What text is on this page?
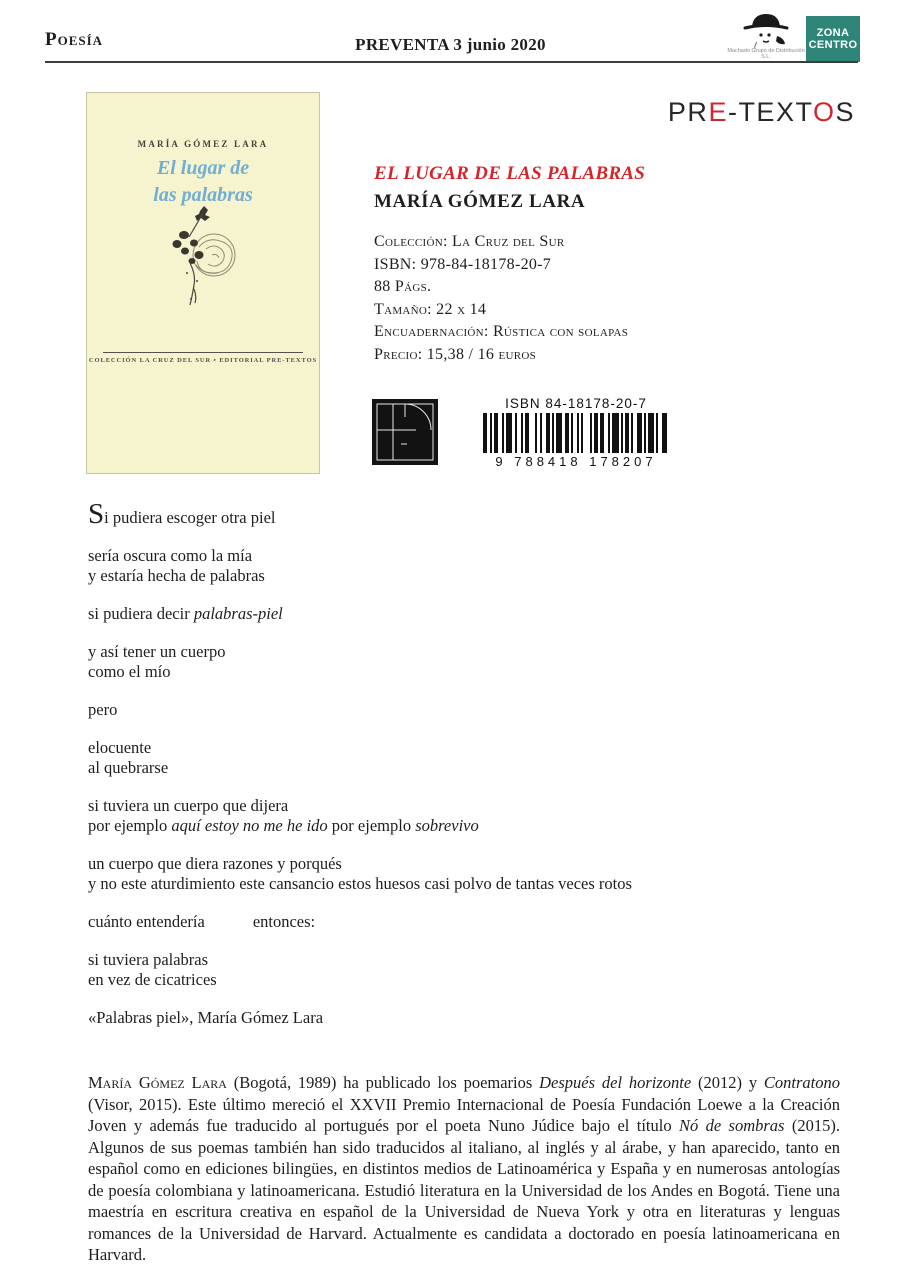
Poesía	PREVENTA 3 junio 2020	Machado Grupo de Distribución S.L.
ZONA
CENTRO
PRE-TEXTOS
MARÍA GÓMEZ LARA
El lugar de
las palabras
COLECCIÓN LA CRUZ DEL SUR • EDITORIAL PRE-TEXTOS
EL LUGAR DE LAS PALABRAS
MARÍA GÓMEZ LARA
Colección: La Cruz del Sur
ISBN: 978-84-18178-20-7
88 Págs.
Tamaño: 22 x 14
Encuadernación: Rústica con solapas
Precio: 15,38 / 16 euros
ISBN 84-18178-20-7
9 788418 178207

Si pudiera escoger otra piel

sería oscura como la mía
y estaría hecha de palabras

si pudiera decir palabras-piel

y así tener un cuerpo
como el mío

pero

elocuente
al quebrarse

si tuviera un cuerpo que dijera
por ejemplo aquí estoy no me he ido por ejemplo sobrevivo

un cuerpo que diera razones y porqués
y no este aturdimiento este cansancio estos huesos casi polvo de tantas veces rotos

cuánto entendería	entonces:

si tuviera palabras
en vez de cicatrices

«Palabras piel», María Gómez Lara

María Gómez Lara (Bogotá, 1989) ha publicado los poemarios Después del horizonte (2012) y Contratono (Visor, 2015). Este último mereció el XXVII Premio Internacional de Poesía Fundación Loewe a la Creación Joven y además fue traducido al portugués por el poeta Nuno Júdice bajo el título Nó de sombras (2015). Algunos de sus poemas también han sido traducidos al italiano, al inglés y al árabe, y han aparecido, tanto en español como en ediciones bilingües, en distintos medios de Latinoamérica y España y en numerosas antologías de poesía colombiana y latinoamericana. Estudió literatura en la Universidad de los Andes en Bogotá. Tiene una maestría en escritura creativa en español de la Universidad de Nueva York y otra en literaturas y lenguas romances de la Universidad de Harvard. Actualmente es candidata a doctorado en poesía latinoamericana en Harvard.
